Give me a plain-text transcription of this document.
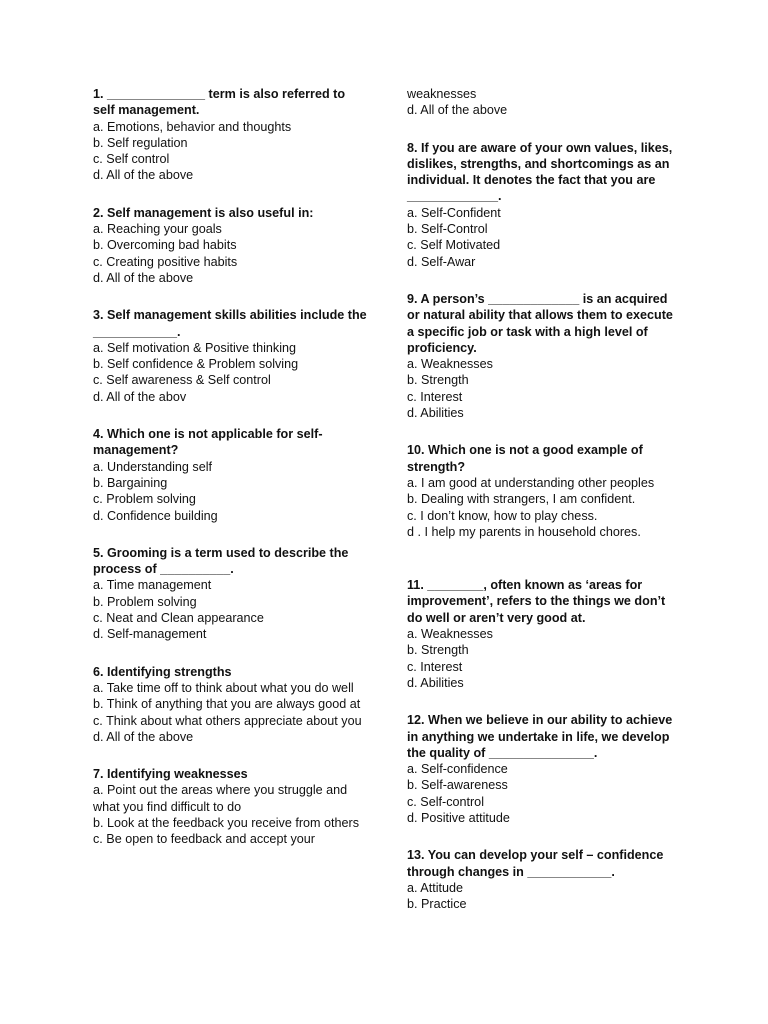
1. ______________ term is also referred to self management.

a. Emotions, behavior and thoughts

b. Self regulation

c. Self control

d. All of the above

2. Self management is also useful in:

a. Reaching your goals

b. Overcoming bad habits

c. Creating positive habits

d. All of the above

3. Self management skills abilities include the ____________.

a. Self motivation & Positive thinking

b. Self confidence & Problem solving

c. Self awareness & Self control

d. All of the abov

4. Which one is not applicable for self-management?

a. Understanding self

b. Bargaining

c. Problem solving

d. Confidence building

5. Grooming is a term used to describe the process of __________.

a. Time management

b. Problem solving

c. Neat and Clean appearance

d. Self-management

6. Identifying strengths

a. Take time off to think about what you do well

b. Think of anything that you are always good at

c. Think about what others appreciate about you

d. All of the above

7. Identifying weaknesses

a. Point out the areas where you struggle and what you find difficult to do

b. Look at the feedback you receive from others

c. Be open to feedback and accept your

weaknesses

d. All of the above

8. If you are aware of your own values, likes, dislikes, strengths, and shortcomings as an individual. It denotes the fact that you are _____________.

a. Self-Confident

b. Self-Control

c. Self Motivated

d. Self-Awar

9. A person’s _____________ is an acquired or natural ability that allows them to execute a specific job or task with a high level of proficiency.

a. Weaknesses

b. Strength

c. Interest

d. Abilities

10. Which one is not a good example of strength?

a. I am good at understanding other peoples

b. Dealing with strangers, I am confident.

c. I don’t know, how to play chess.

d . I help my parents in household chores.

11. ________, often known as ‘areas for improvement’, refers to the things we don’t do well or aren’t very good at.

a. Weaknesses

b. Strength

c. Interest

d. Abilities

12. When we believe in our ability to achieve in anything we undertake in life, we develop the quality of _______________.

a. Self-confidence

b. Self-awareness

c. Self-control

d. Positive attitude

13. You can develop your self – confidence through changes in ____________.

a. Attitude

b. Practice
